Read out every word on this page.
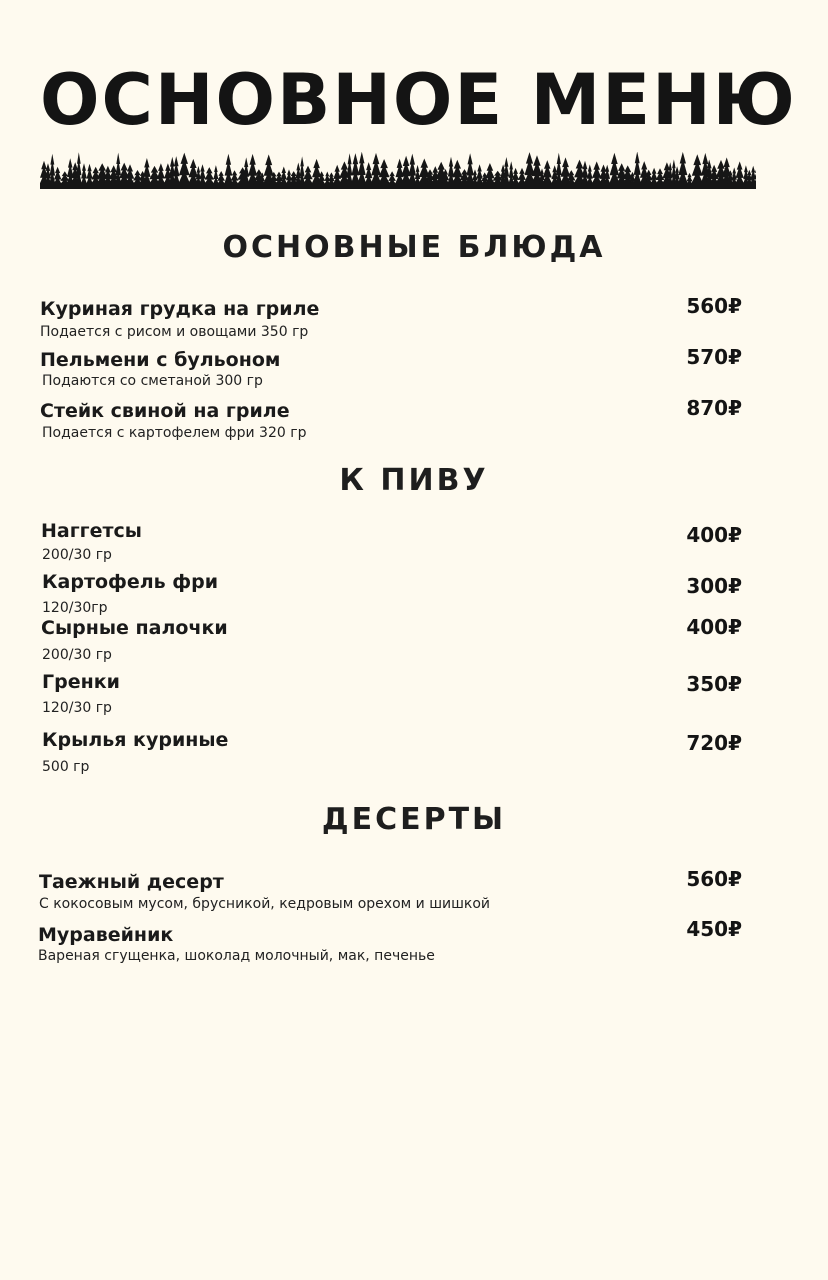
ОСНОВНОЕ МЕНЮ
ОСНОВНЫЕ БЛЮДА
Куриная грудка на гриле
Подается с рисом и овощами 350 гр
560₽
Пельмени с бульоном
Подаются со сметаной 300 гр
570₽
Стейк свиной на гриле
Подается с картофелем фри 320 гр
870₽
К ПИВУ
Наггетсы
200/30 гр
400₽
Картофель фри
120/30гр
300₽
Сырные палочки
200/30 гр
400₽
Гренки
120/30 гр
350₽
Крылья куриные
500 гр
720₽
ДЕСЕРТЫ
Таежный десерт
С кокосовым мусом, брусникой, кедровым орехом и шишкой
560₽
Муравейник
Вареная сгущенка, шоколад молочный, мак, печенье
450₽
